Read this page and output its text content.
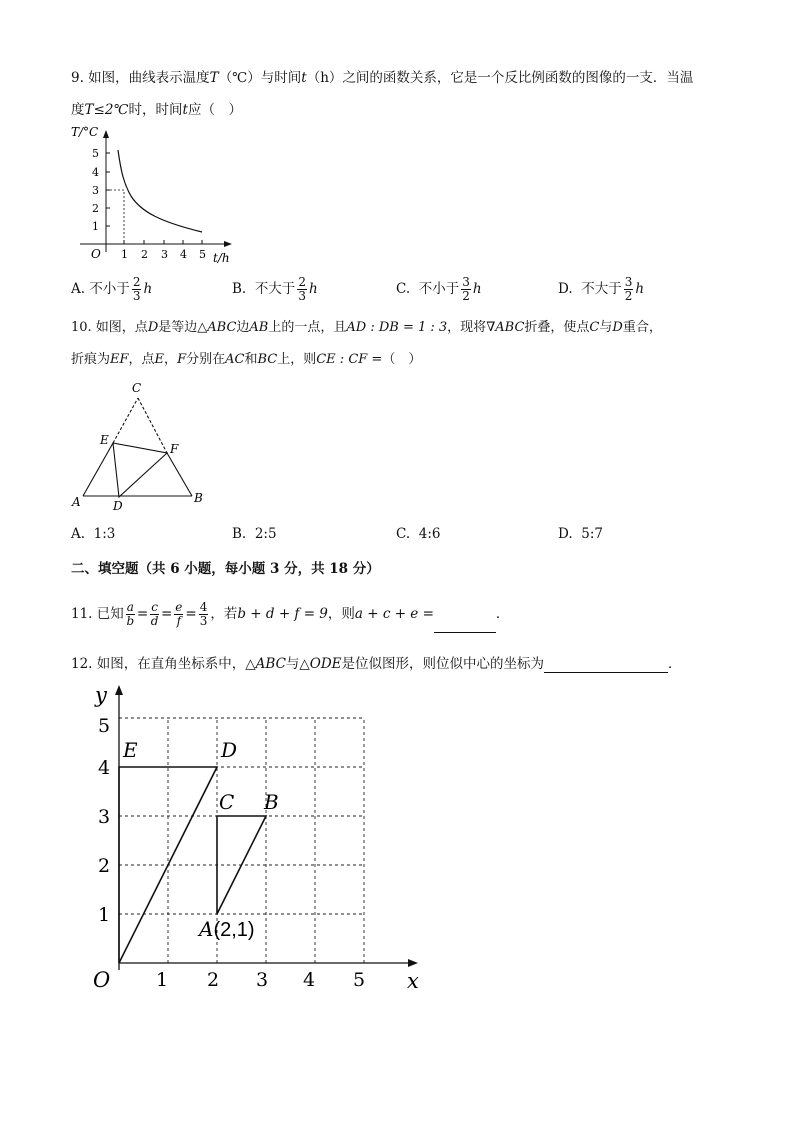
9. 如图，曲线表示温度T（℃）与时间t（h）之间的函数关系，它是一个反比例函数的图像的一支．当温
度T≤2℃时，时间t应（　）
T/°C
1
2
3
4
5
1 2 3 4 5
O	t/h
A. 不小于 $\frac{2}{3}$ h	B. 不大于 $\frac{2}{3}$ h	C. 不小于 $\frac{3}{2}$ h	D. 不大于 $\frac{3}{2}$ h
10. 如图，点D是等边△ABC边AB上的一点，且AD : DB = 1 : 3，现将∇ABC折叠，使点C与D重合，
折痕为EF，点E，F分别在AC和BC上，则CE : CF =（　）
C
E
F
A	D
B
A. 1:3	B. 2:5	C. 4:6	D. 5:7
二、填空题（共 6 小题，每小题 3 分，共 18 分）
11. 已知 $\frac{a}{b} = \frac{c}{d} = \frac{e}{f} = \frac{4}{3}$ ，若b + d + f = 9，则a + c + e =	．
12. 如图，在直角坐标系中，△ABC与△ODE是位似图形，则位似中心的坐标为	．
1 2 3 4 5
1
2
3
4
5
y
x
O
E	D
C B
A(2,1)
